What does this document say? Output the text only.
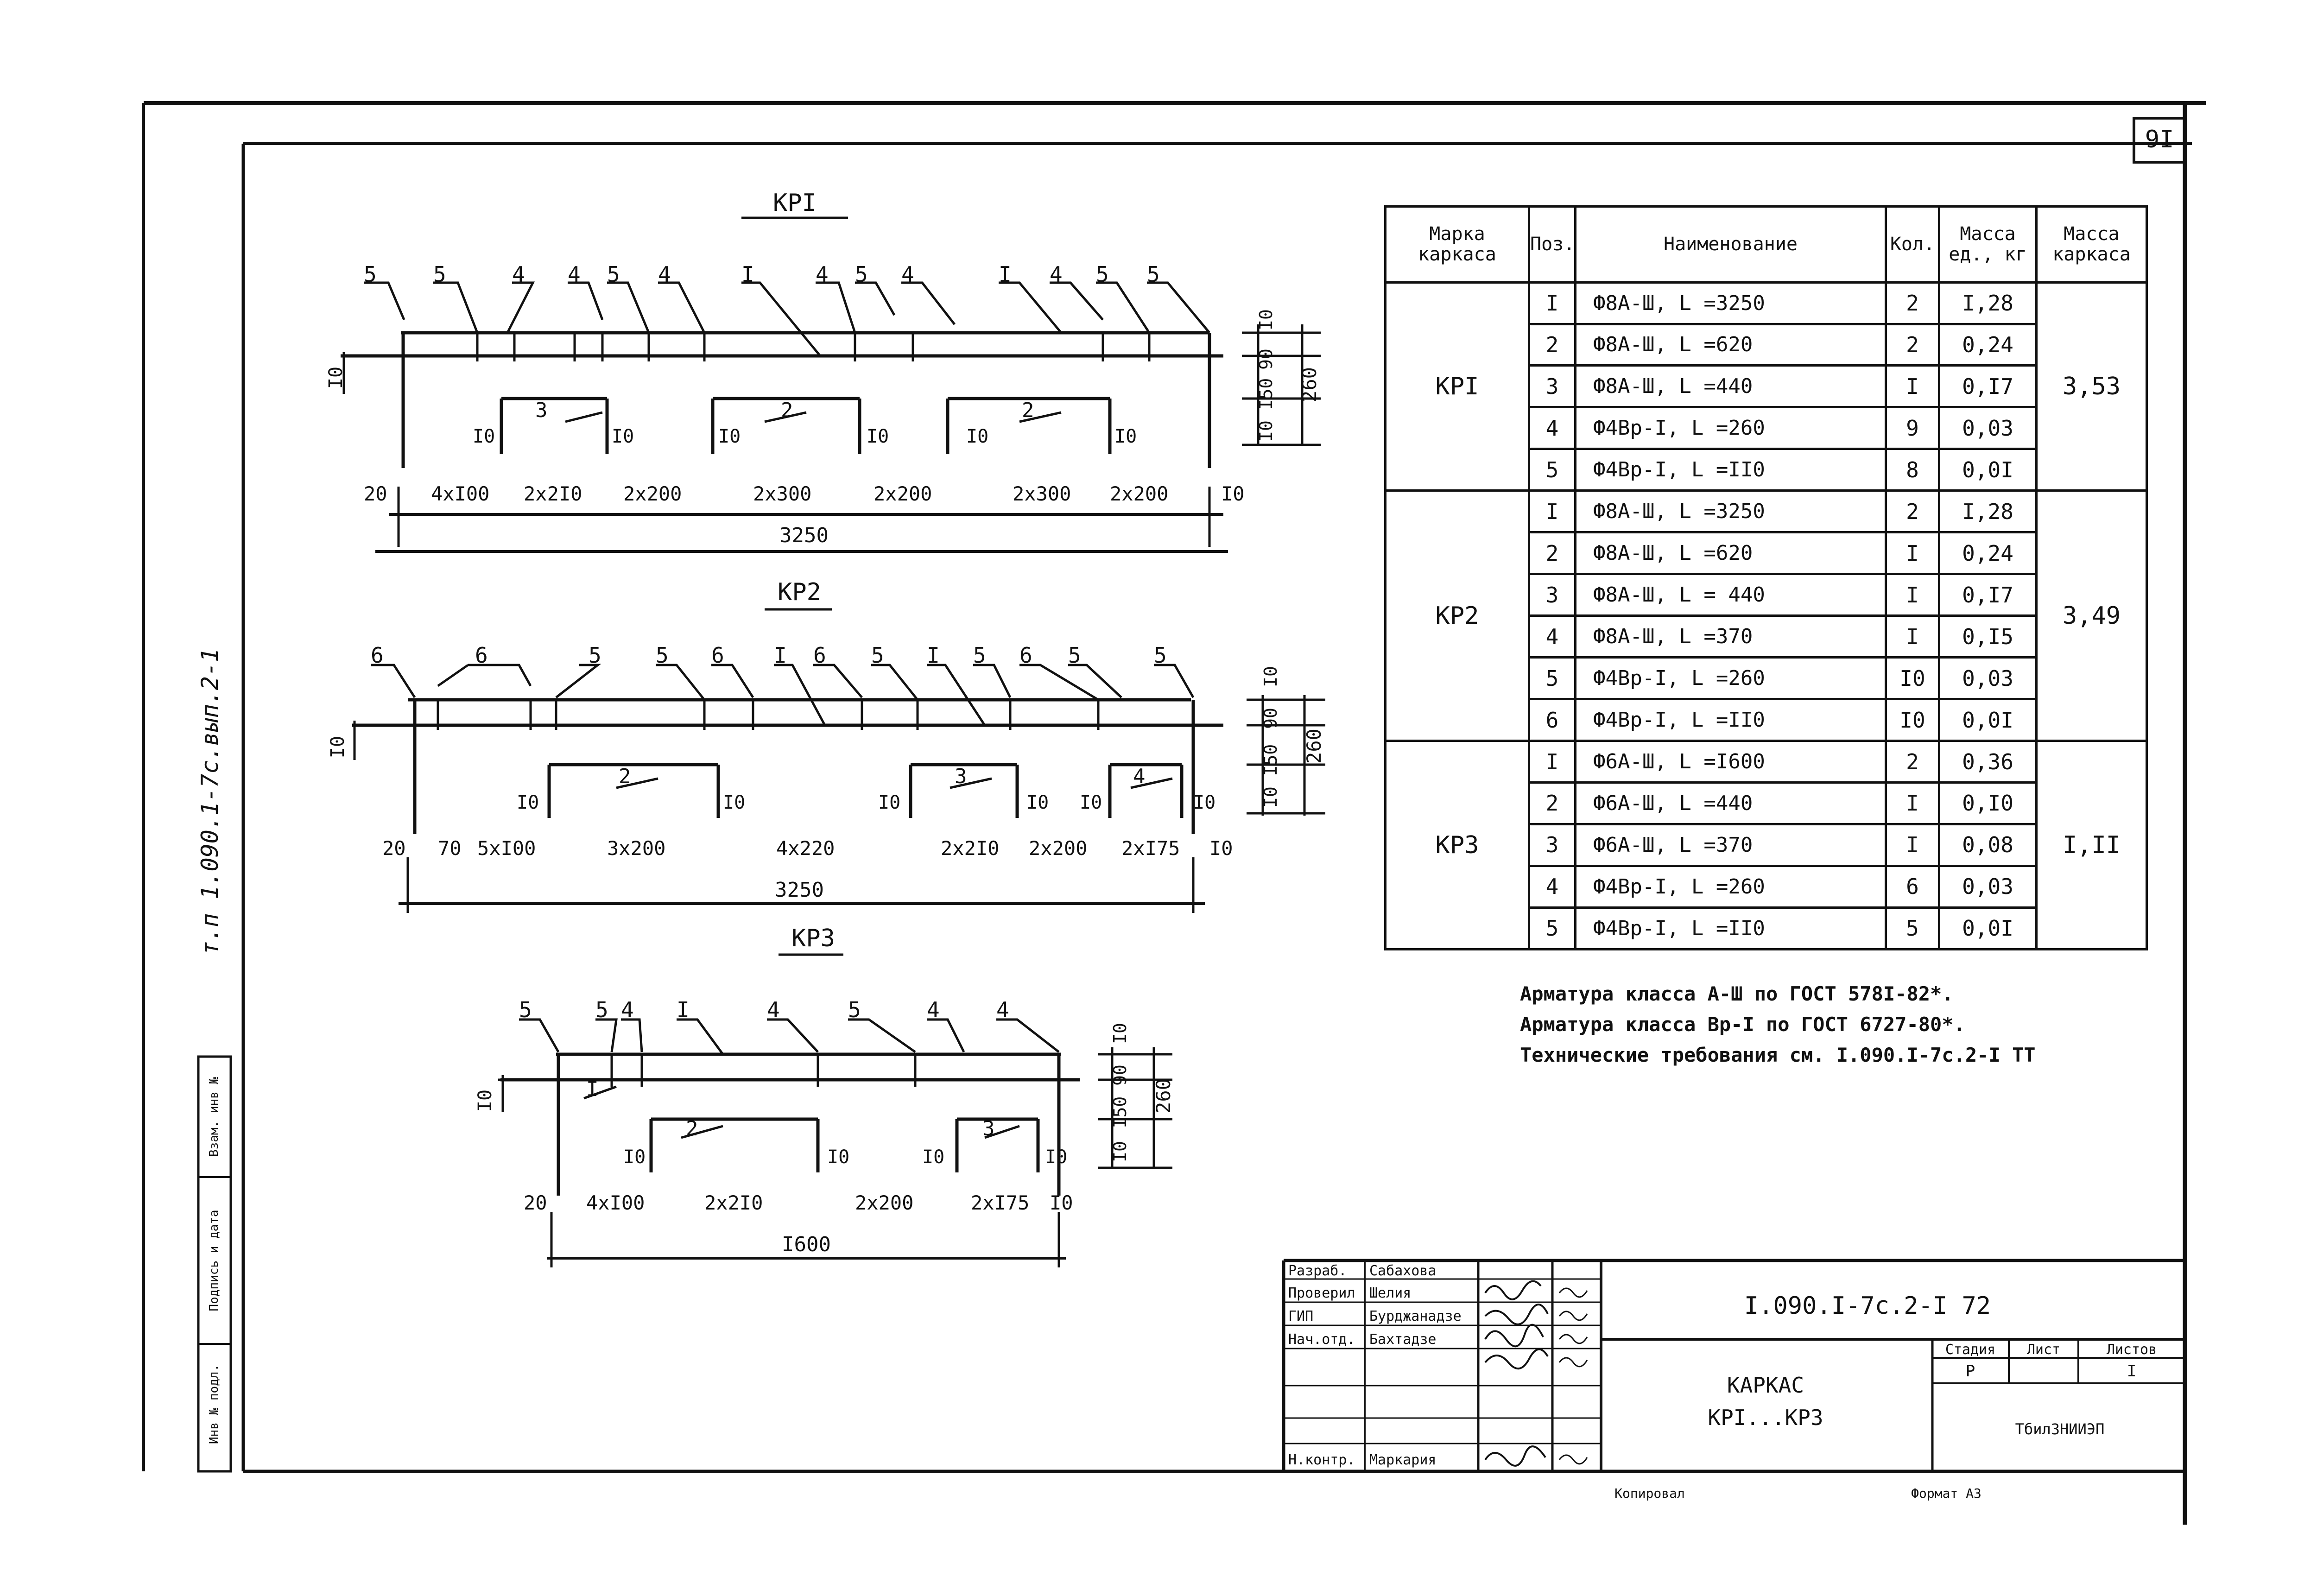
9I
т.п 1.090.1-7с.вып.2-1
Инв № подл.
Подпись и дата
Взам. инв №
КРI
5	5	4 4 5 4	I	4 5 4	I 4 5 5
3	2	2
I0	I0	I0	I0	I0	I0
20 4xI00 2x2I0 2x200	2x300	2x200	2x300 2x200	I0
3250
I0
I0
90
I50
I0
260
КР2
6	6	5	5 6 I 6 5 I 5 6 5	5
2	3	4
I0	I0	I0	I0 I0	I0
20 70 5xI00	3x200	4x220	2x2I0 2x200 2xI75 I0
3250
I0
I0
90
I50
I0
260
КР3
5	5 4 I	4	5	4	4
I
2	3
I0	I0	I0	I0
20 4xI00	2x2I0	2x200	2xI75 I0
I600
I0
I0
90
I50
I0
260
Марка каркаса	Поз.	Наименование	Кол.	Масса ед., кг	Масса каркаса
КРI	I	Ф8А-Ш, L =3250	2	I,28	3,53
	2	Ф8А-Ш, L =620	2	0,24	
	3	Ф8А-Ш, L =440	I	0,I7	
	4	Ф4Вр-I, L =260	9	0,03	
	5	Ф4Вр-I, L =II0	8	0,0I	
КР2	I	Ф8А-Ш, L =3250	2	I,28	3,49
	2	Ф8А-Ш, L =620	I	0,24	
	3	Ф8А-Ш, L = 440	I	0,I7	
	4	Ф8А-Ш, L =370	I	0,I5	
	5	Ф4Вр-I, L =260	I0	0,03	
	6	Ф4Вр-I, L =II0	I0	0,0I	
КР3	I	Ф6А-Ш, L =I600	2	0,36	I,II
	2	Ф6А-Ш, L =440	I	0,I0	
	3	Ф6А-Ш, L =370	I	0,08	
	4	Ф4Вр-I, L =260	6	0,03	
	5	Ф4Вр-I, L =II0	5	0,0I	
Арматура класса А-Ш по ГОСТ 578I-82*.
Арматура класса Вр-I по ГОСТ 6727-80*.
Технические требования см. I.090.I-7с.2-I ТТ
Разраб. Сабахова
Проверил Шелия
ГИП	Бурджанадзе
Нач.отд. Бахтадзе
Н.контр. Маркария
I.090.I-7с.2-I 72
КАРКАС
КРI...КР3
Стадия Лист	Листов
Р	I
ТбилЗНИИЭП
Копировал	Формат А3
